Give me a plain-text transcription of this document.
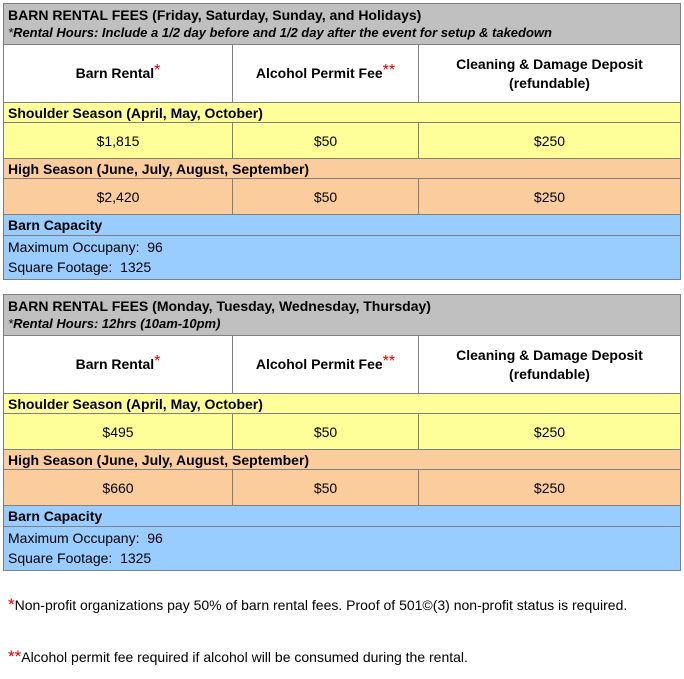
BARN RENTAL FEES (Friday, Saturday, Sunday, and Holidays)
*Rental Hours: Include a 1/2 day before and 1/2 day after the event for setup & takedown
Barn Rental *	Alcohol Permit Fee **	Cleaning & Damage Deposit
(refundable)
Shoulder Season (April, May, October)
$1,815	$50	$250
High Season (June, July, August, September)
$2,420	$50	$250
Barn Capacity
Maximum Occupany:  96
Square Footage:  1325
BARN RENTAL FEES (Monday, Tuesday, Wednesday, Thursday)
*Rental Hours: 12hrs (10am-10pm)
Barn Rental *	Alcohol Permit Fee **	Cleaning & Damage Deposit
(refundable)
Shoulder Season (April, May, October)
$495	$50	$250
High Season (June, July, August, September)
$660	$50	$250
Barn Capacity
Maximum Occupany:  96
Square Footage:  1325
*Non-profit organizations pay 50% of barn rental fees. Proof of 501©(3) non-profit status is required.
**Alcohol permit fee required if alcohol will be consumed during the rental.
